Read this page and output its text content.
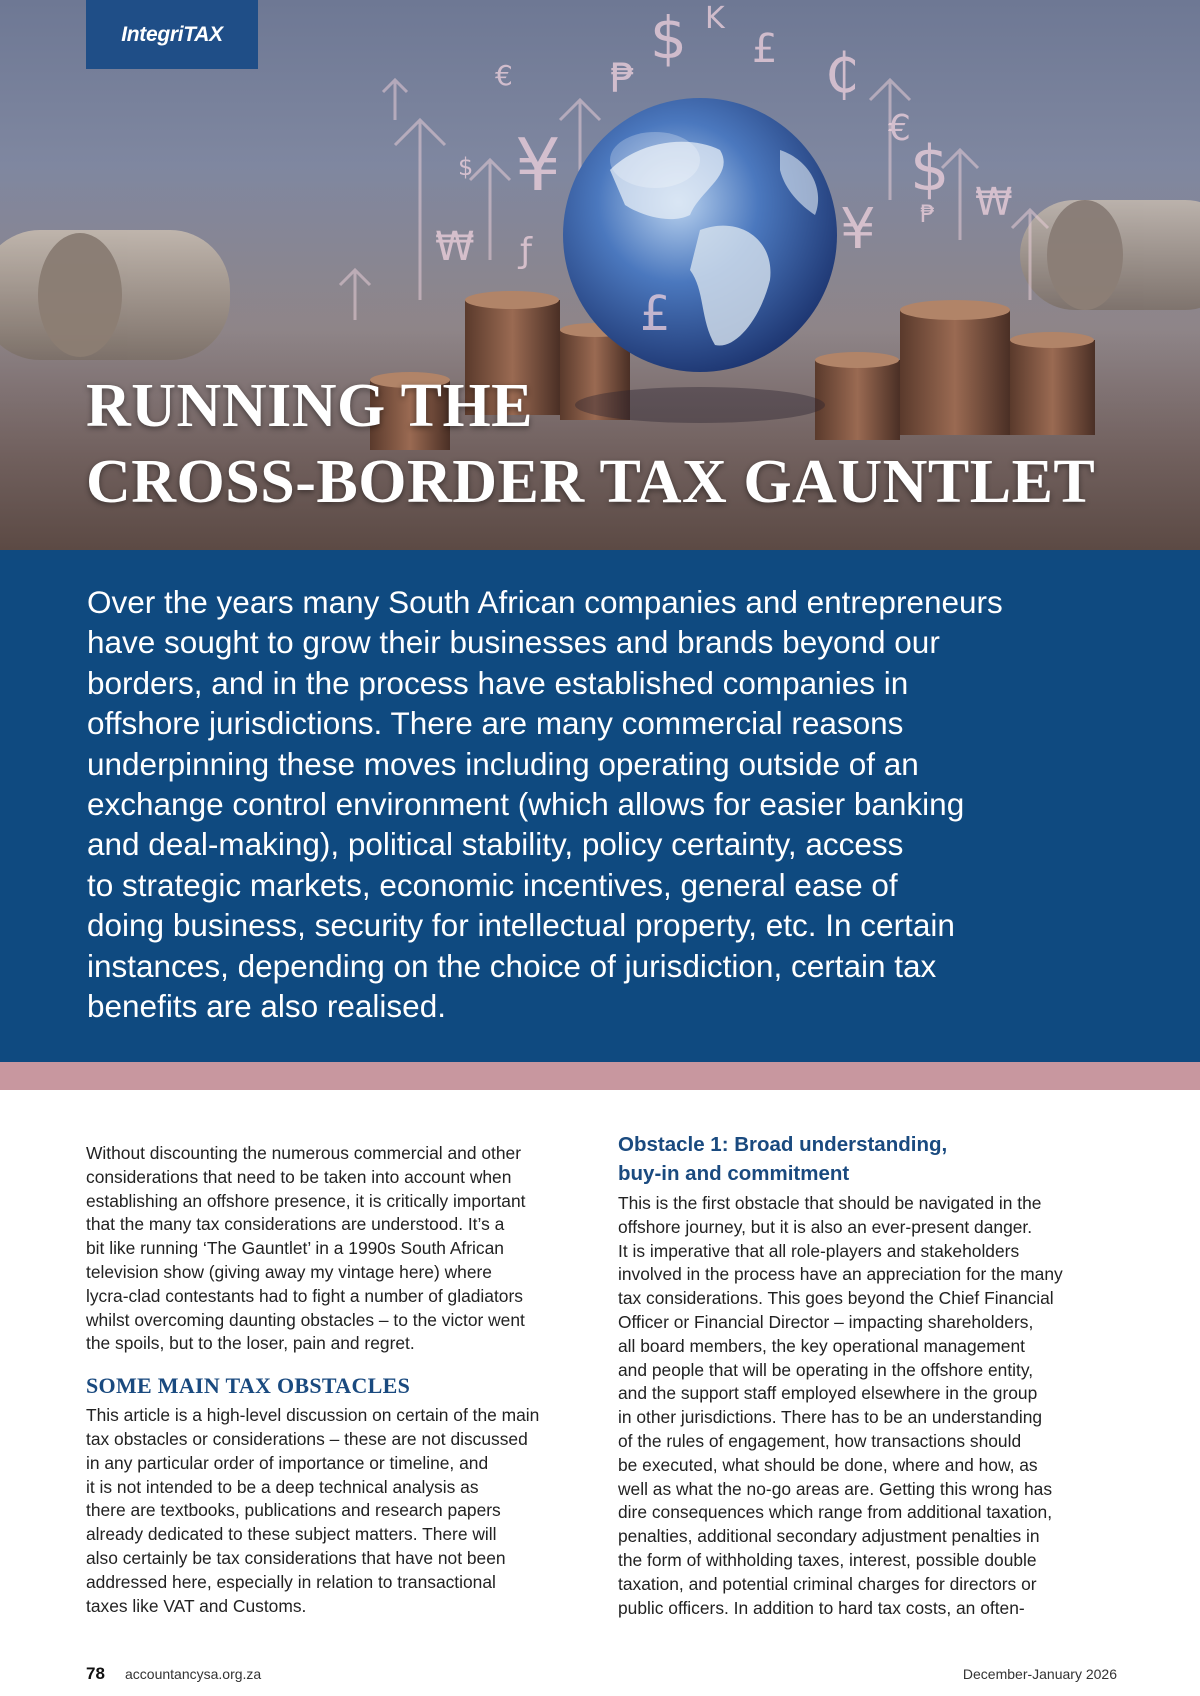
$ K
£
€ ₱	₵
¥	€
$ ₩
ƒ
₱
¥
£
$
₩
IntegriTAX
RUNNING THE
CROSS-BORDER TAX GAUNTLET

Over the years many South African companies and entrepreneurs
have sought to grow their businesses and brands beyond our
borders, and in the process have established companies in
offshore jurisdictions. There are many commercial reasons
underpinning these moves including operating outside of an
exchange control environment (which allows for easier banking
and deal-making), political stability, policy certainty, access
to strategic markets, economic incentives, general ease of
doing business, security for intellectual property, etc. In certain
instances, depending on the choice of jurisdiction, certain tax
benefits are also realised.

Without discounting the numerous commercial and other
considerations that need to be taken into account when
establishing an offshore presence, it is critically important
that the many tax considerations are understood. It’s a
bit like running ‘The Gauntlet’ in a 1990s South African
television show (giving away my vintage here) where
lycra-clad contestants had to fight a number of gladiators
whilst overcoming daunting obstacles – to the victor went
the spoils, but to the loser, pain and regret.

SOME MAIN TAX OBSTACLES

This article is a high-level discussion on certain of the main
tax obstacles or considerations – these are not discussed
in any particular order of importance or timeline, and
it is not intended to be a deep technical analysis as
there are textbooks, publications and research papers
already dedicated to these subject matters. There will
also certainly be tax considerations that have not been
addressed here, especially in relation to transactional
taxes like VAT and Customs.

Obstacle 1: Broad understanding,
buy-in and commitment

This is the first obstacle that should be navigated in the
offshore journey, but it is also an ever-present danger.
It is imperative that all role-players and stakeholders
involved in the process have an appreciation for the many
tax considerations. This goes beyond the Chief Financial
Officer or Financial Director – impacting shareholders,
all board members, the key operational management
and people that will be operating in the offshore entity,
and the support staff employed elsewhere in the group
in other jurisdictions. There has to be an understanding
of the rules of engagement, how transactions should
be executed, what should be done, where and how, as
well as what the no-go areas are. Getting this wrong has
dire consequences which range from additional taxation,
penalties, additional secondary adjustment penalties in
the form of withholding taxes, interest, possible double
taxation, and potential criminal charges for directors or
public officers. In addition to hard tax costs, an often-

78 accountancysa.org.za	December-January 2026
